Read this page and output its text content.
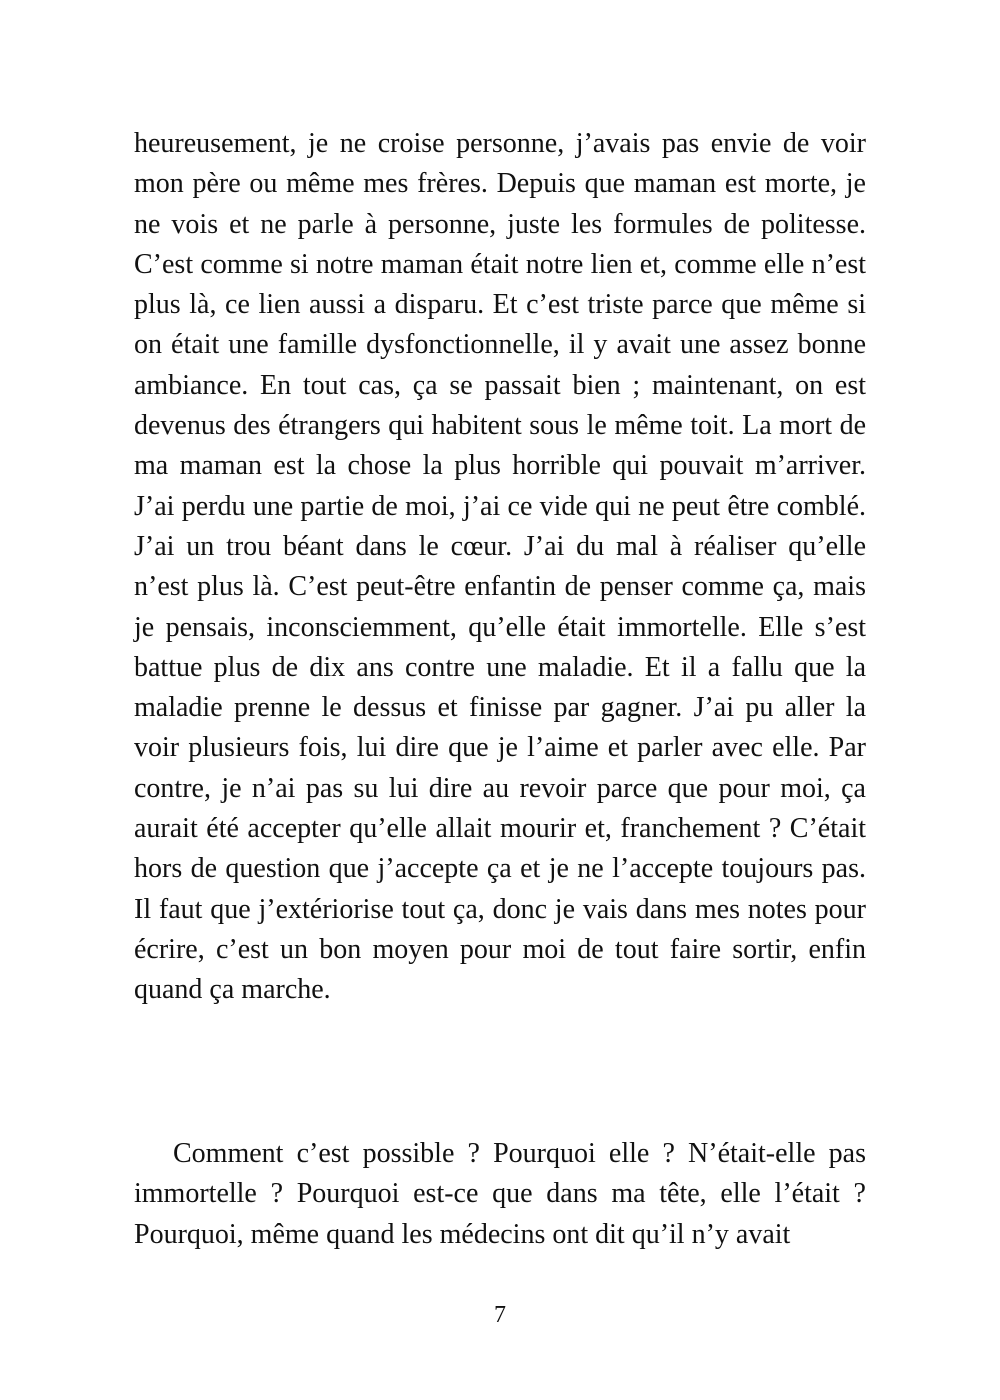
heureusement, je ne croise personne, j’avais pas envie de voir mon père ou même mes frères. Depuis que maman est morte, je ne vois et ne parle à personne, juste les formules de politesse. C’est comme si notre maman était notre lien et, comme elle n’est plus là, ce lien aussi a disparu. Et c’est triste parce que même si on était une famille dysfonctionnelle, il y avait une assez bonne ambiance. En tout cas, ça se passait bien ; maintenant, on est devenus des étrangers qui habitent sous le même toit. La mort de ma maman est la chose la plus horrible qui pouvait m’arriver. J’ai perdu une partie de moi, j’ai ce vide qui ne peut être comblé. J’ai un trou béant dans le cœur. J’ai du mal à réaliser qu’elle n’est plus là. C’est peut-être enfantin de penser comme ça, mais je pensais, inconsciemment, qu’elle était immortelle. Elle s’est battue plus de dix ans contre une maladie. Et il a fallu que la maladie prenne le dessus et finisse par gagner. J’ai pu aller la voir plusieurs fois, lui dire que je l’aime et parler avec elle. Par contre, je n’ai pas su lui dire au revoir parce que pour moi, ça aurait été accepter qu’elle allait mourir et, franchement ? C’était hors de question que j’accepte ça et je ne l’accepte toujours pas. Il faut que j’extériorise tout ça, donc je vais dans mes notes pour écrire, c’est un bon moyen pour moi de tout faire sortir, enfin quand ça marche.

Comment c’est possible ? Pourquoi elle ? N’était-elle pas immortelle ? Pourquoi est-ce que dans ma tête, elle l’était ? Pourquoi, même quand les médecins ont dit qu’il n’y avait

7
